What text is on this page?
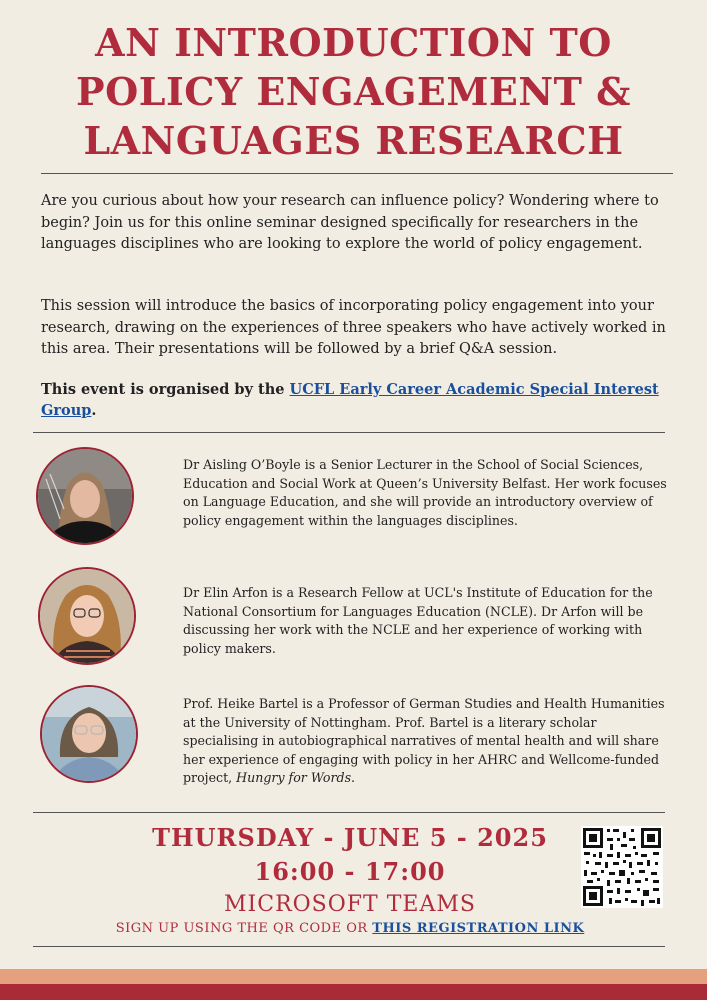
AN INTRODUCTION TO POLICY ENGAGEMENT & LANGUAGES RESEARCH

Are you curious about how your research can influence policy? Wondering where to begin? Join us for this online seminar designed specifically for researchers in the languages disciplines who are looking to explore the world of policy engagement.

This session will introduce the basics of incorporating policy engagement into your research, drawing on the experiences of three speakers who have actively worked in this area. Their presentations will be followed by a brief Q&A session.

This event is organised by the UCFL Early Career Academic Special Interest Group.

Dr Aisling O’Boyle is a Senior Lecturer in the School of Social Sciences, Education and Social Work at Queen’s University Belfast. Her work focuses on Language Education, and she will provide an introductory overview of policy engagement within the languages disciplines.

Dr Elin Arfon is a Research Fellow at UCL's Institute of Education for the National Consortium for Languages Education (NCLE). Dr Arfon will be discussing her work with the NCLE and her experience of working with policy makers.

Prof. Heike Bartel is a Professor of German Studies and Health Humanities at the University of Nottingham. Prof. Bartel is a literary scholar specialising in autobiographical narratives of mental health and will share her experience of engaging with policy in her AHRC and Wellcome-funded project, Hungry for Words.

THURSDAY - JUNE 5 - 2025
16:00 - 17:00
MICROSOFT TEAMS
SIGN UP USING THE QR CODE OR THIS REGISTRATION LINK
